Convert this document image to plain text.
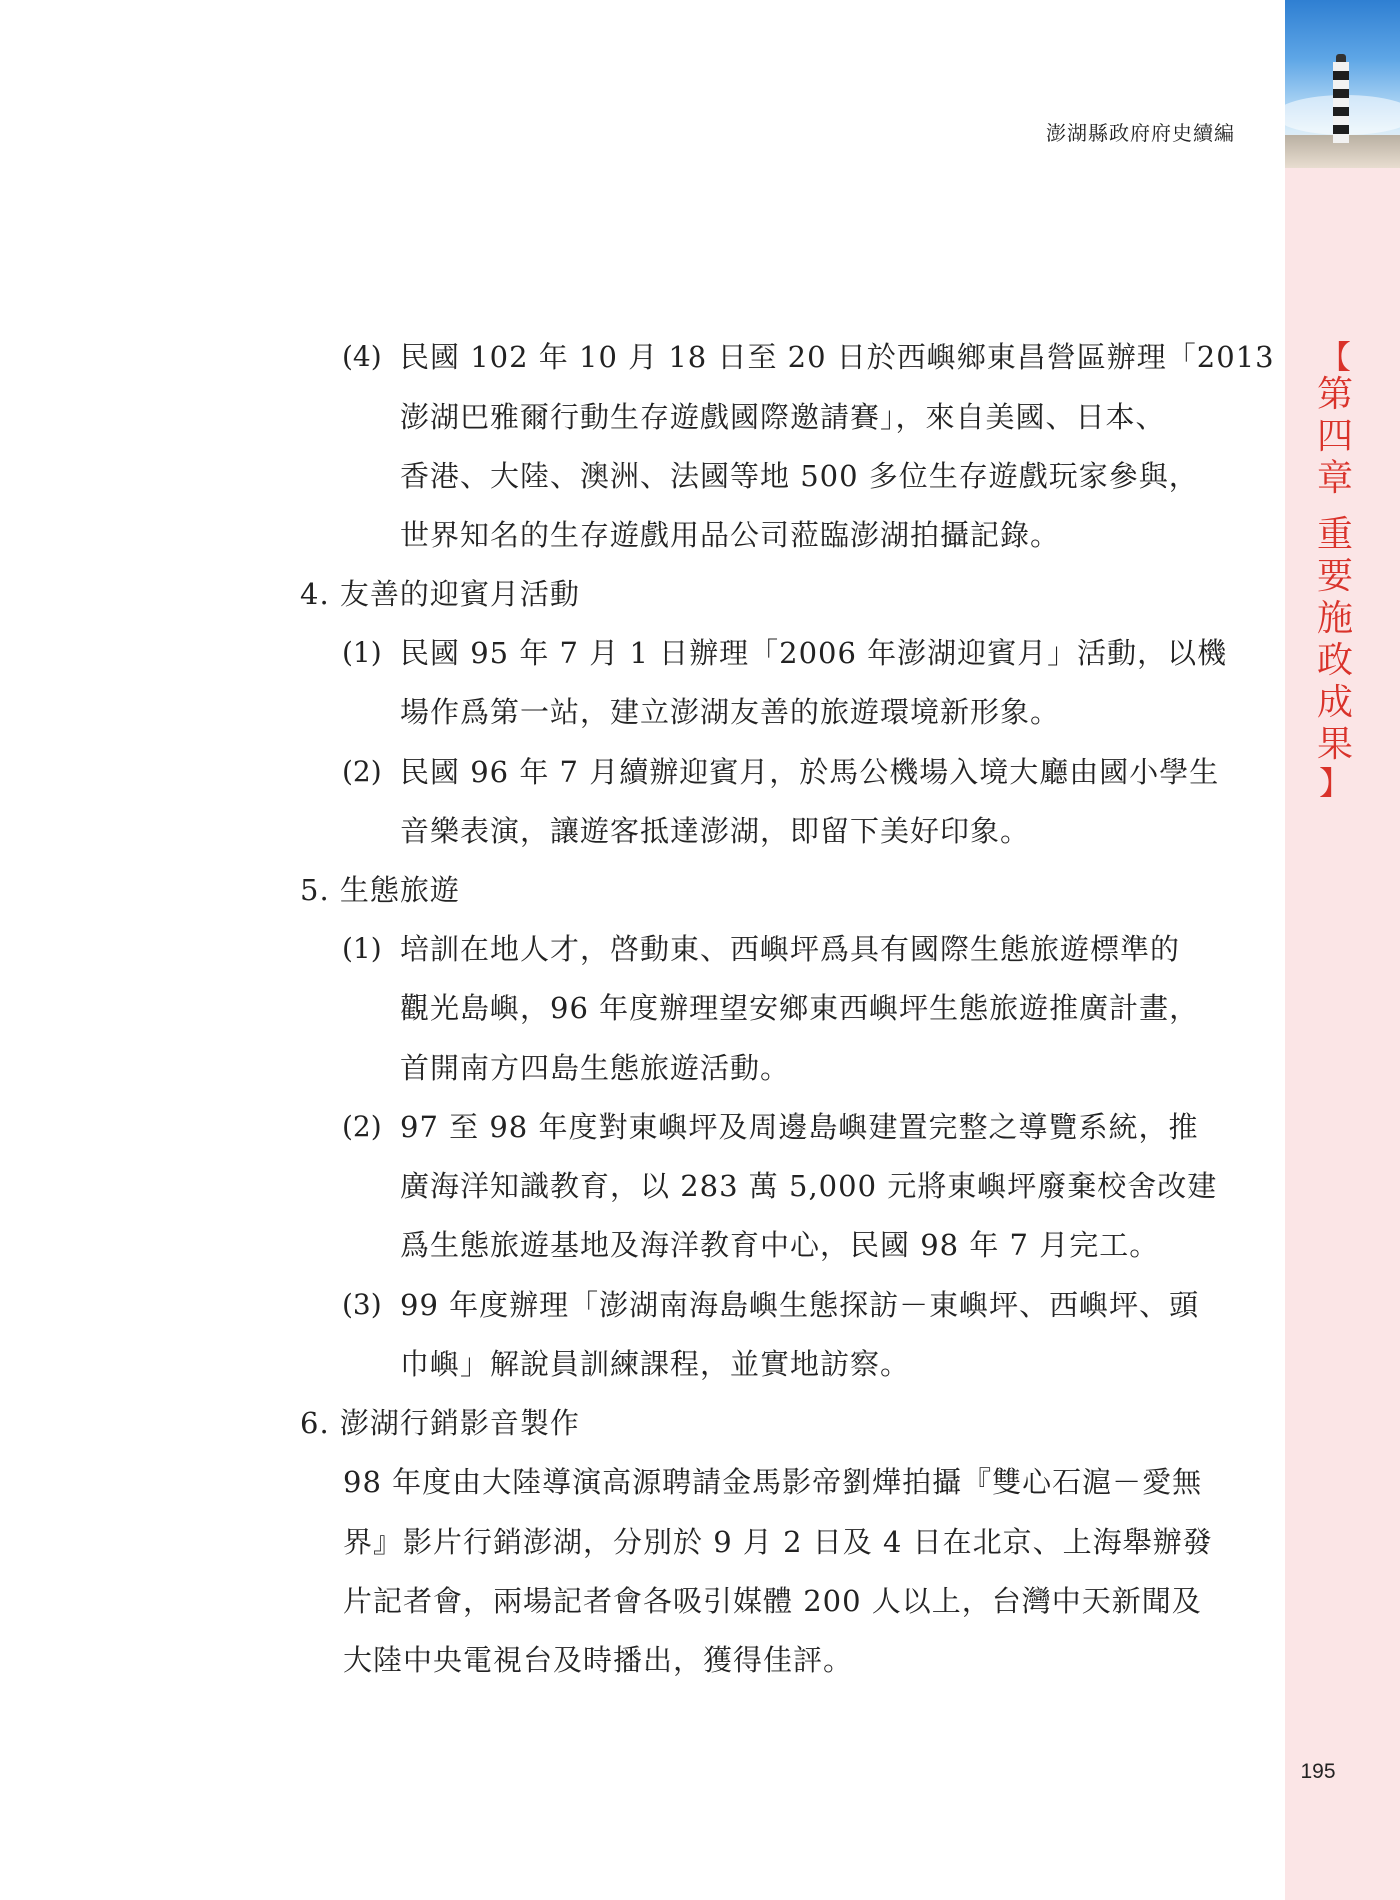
【
第
四
章
重
要
施
政
成
果
】
195
澎湖縣政府府史續編
(4) 民國 102 年 10 月 18 日至 20 日於西嶼鄉東昌營區辦理「2013
澎湖巴雅爾行動生存遊戲國際邀請賽」，來自美國、日本、
香港、大陸、澳洲、法國等地 500 多位生存遊戲玩家參與，
世界知名的生存遊戲用品公司蒞臨澎湖拍攝記錄。
4. 友善的迎賓月活動
(1) 民國 95 年 7 月 1 日辦理「2006 年澎湖迎賓月」活動，以機
場作爲第一站，建立澎湖友善的旅遊環境新形象。
(2) 民國 96 年 7 月續辦迎賓月，於馬公機場入境大廳由國小學生
音樂表演，讓遊客抵達澎湖，即留下美好印象。
5. 生態旅遊
(1) 培訓在地人才，啓動東、西嶼坪爲具有國際生態旅遊標準的
觀光島嶼，96 年度辦理望安鄉東西嶼坪生態旅遊推廣計畫，
首開南方四島生態旅遊活動。
(2) 97 至 98 年度對東嶼坪及周邊島嶼建置完整之導覽系統，推
廣海洋知識教育，以 283 萬 5,000 元將東嶼坪廢棄校舍改建
爲生態旅遊基地及海洋教育中心，民國 98 年 7 月完工。
(3) 99 年度辦理「澎湖南海島嶼生態探訪－東嶼坪、西嶼坪、頭
巾嶼」解說員訓練課程，並實地訪察。
6. 澎湖行銷影音製作
98 年度由大陸導演高源聘請金馬影帝劉燁拍攝『雙心石滬－愛無
界』影片行銷澎湖，分別於 9 月 2 日及 4 日在北京、上海舉辦發
片記者會，兩場記者會各吸引媒體 200 人以上，台灣中天新聞及
大陸中央電視台及時播出，獲得佳評。
